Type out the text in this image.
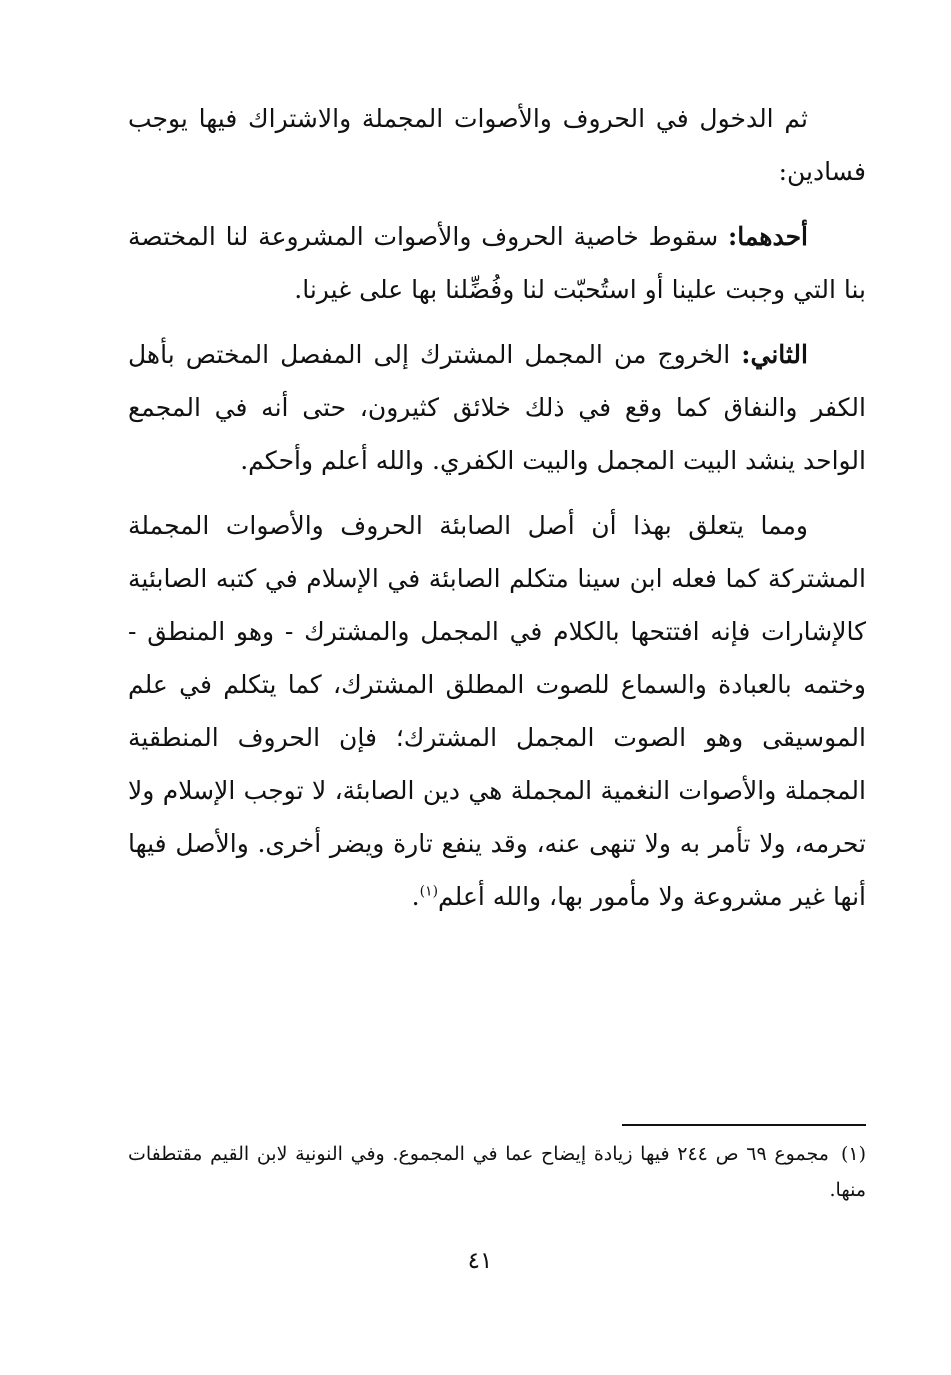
ثم الدخول في الحروف والأصوات المجملة والاشتراك فيها يوجب فسادين:

أحدهما: سقوط خاصية الحروف والأصوات المشروعة لنا المختصة بنا التي وجبت علينا أو استُحبّت لنا وفُضِّلنا بها على غيرنا.

الثاني: الخروج من المجمل المشترك إلى المفصل المختص بأهل الكفر والنفاق كما وقع في ذلك خلائق كثيرون، حتى أنه في المجمع الواحد ينشد البيت المجمل والبيت الكفري. والله أعلم وأحكم.

ومما يتعلق بهذا أن أصل الصابئة الحروف والأصوات المجملة المشتركة كما فعله ابن سينا متكلم الصابئة في الإسلام في كتبه الصابئية كالإشارات فإنه افتتحها بالكلام في المجمل والمشترك - وهو المنطق - وختمه بالعبادة والسماع للصوت المطلق المشترك، كما يتكلم في علم الموسيقى وهو الصوت المجمل المشترك؛ فإن الحروف المنطقية المجملة والأصوات النغمية المجملة هي دين الصابئة، لا توجب الإسلام ولا تحرمه، ولا تأمر به ولا تنهى عنه، وقد ينفع تارة ويضر أخرى. والأصل فيها أنها غير مشروعة ولا مأمور بها، والله أعلم$^{(١)}$.

(١)مجموع ٦٩ ص ٢٤٤ فيها زيادة إيضاح عما في المجموع. وفي النونية لابن القيم مقتطفات منها.
٤١
